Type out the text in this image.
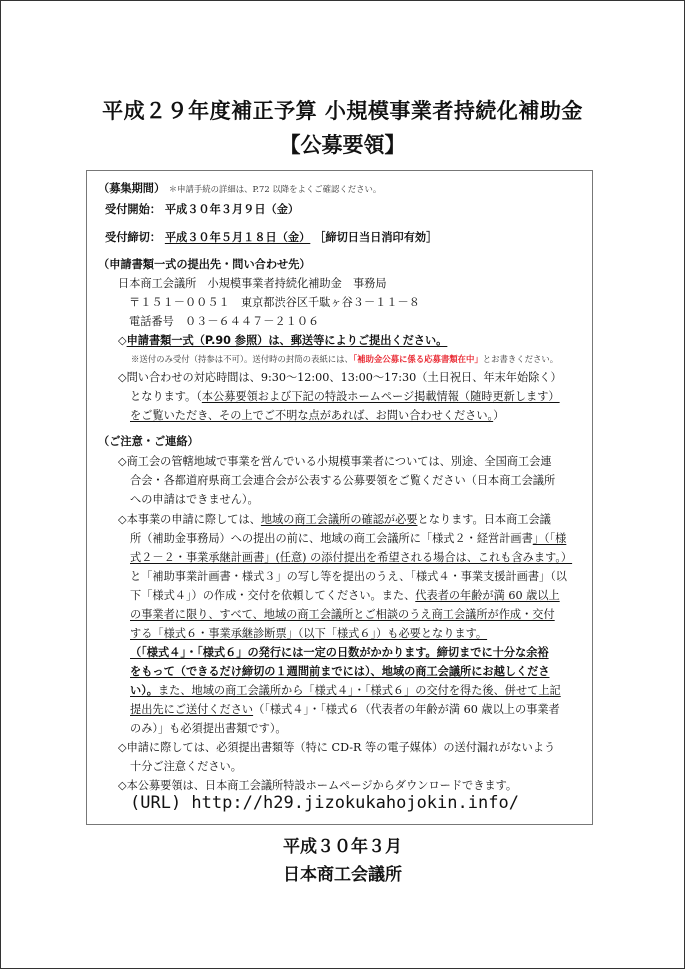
平成２９年度補正予算 小規模事業者持続化補助金
【公募要領】
（募集期間） ＊申請手続の詳細は、P.72 以降をよくご確認ください。
受付開始： 平成３０年３月９日（金）
受付締切： 平成３０年５月１８日（金） ［締切日当日消印有効］
（申請書類一式の提出先・問い合わせ先）
日本商工会議所　小規模事業者持続化補助金　事務局
〒１５１－００５１　東京都渋谷区千駄ヶ谷３－１１－８
電話番号　０３－６４４７－２１０６
◇申請書類一式（P.90 参照）は、郵送等によりご提出ください。
※送付のみ受付（持参は不可）。送付時の封筒の表紙には、「補助金公募に係る応募書類在中」とお書きください。
◇問い合わせの対応時間は、9:30～12:00、13:00～17:30（土日祝日、年末年始除く）
となります。（本公募要領および下記の特設ホームページ掲載情報（随時更新します）
をご覧いただき、その上でご不明な点があれば、お問い合わせください。）
（ご注意・ご連絡）
◇商工会の管轄地域で事業を営んでいる小規模事業者については、別途、全国商工会連
合会・各都道府県商工会連合会が公表する公募要領をご覧ください（日本商工会議所
への申請はできません）。
◇本事業の申請に際しては、地域の商工会議所の確認が必要となります。日本商工会議
所（補助金事務局）への提出の前に、地域の商工会議所に「様式２・経営計画書」（「様
式２－２・事業承継計画書」(任意) の添付提出を希望される場合は、これも含みます。）
と「補助事業計画書・様式３」の写し等を提出のうえ、「様式４・事業支援計画書」（以
下「様式４」）の作成・交付を依頼してください。また、代表者の年齢が満 60 歳以上
の事業者に限り、すべて、地域の商工会議所とご相談のうえ商工会議所が作成・交付
する「様式６・事業承継診断票」（以下「様式６」）も必要となります。
（「様式４」・「様式６」の発行には一定の日数がかかります。締切までに十分な余裕
をもって（できるだけ締切の１週間前までには）、地域の商工会議所にお越しくださ
い）。また、地域の商工会議所から「様式４」・「様式６」の交付を得た後、併せて上記
提出先にご送付ください（「様式４」・「様式６（代表者の年齢が満 60 歳以上の事業者
のみ）」も必須提出書類です）。
◇申請に際しては、必須提出書類等（特に CD-R 等の電子媒体）の送付漏れがないよう
十分ご注意ください。
◇本公募要領は、日本商工会議所特設ホームページからダウンロードできます。
(URL) http://h29.jizokukahojokin.info/
平成３０年３月
日本商工会議所
